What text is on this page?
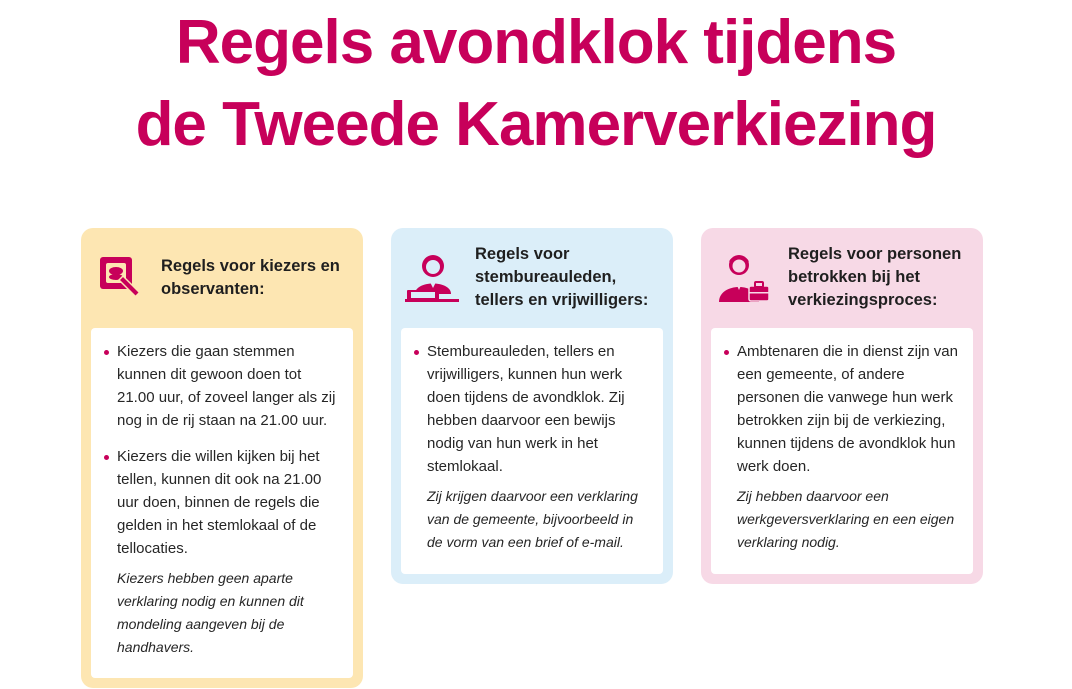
Regels avondklok tijdens
de Tweede Kamerverkiezing
Regels voor kiezers en observanten:
Kiezers die gaan stemmen kunnen dit gewoon doen tot 21.00 uur, of zoveel langer als zij nog in de rij staan na 21.00 uur.
Kiezers die willen kijken bij het tellen, kunnen dit ook na 21.00 uur doen, binnen de regels die gelden in het stemlokaal of de tellocaties.

Kiezers hebben geen aparte verklaring nodig en kunnen dit mondeling aangeven bij de handhavers.

Regels voor stembureauleden, tellers en vrijwilligers:
Stembureauleden, tellers en vrijwilligers, kunnen hun werk doen tijdens de avondklok. Zij hebben daarvoor een bewijs nodig van hun werk in het stemlokaal.

Zij krijgen daarvoor een verklaring van de gemeente, bijvoorbeeld in de vorm van een brief of e-mail.

Regels voor personen betrokken bij het verkiezingsproces:
Ambtenaren die in dienst zijn van een gemeente, of andere personen die vanwege hun werk betrokken zijn bij de verkiezing, kunnen tijdens de avondklok hun werk doen.

Zij hebben daarvoor een werkgeversverklaring en een eigen verklaring nodig.
